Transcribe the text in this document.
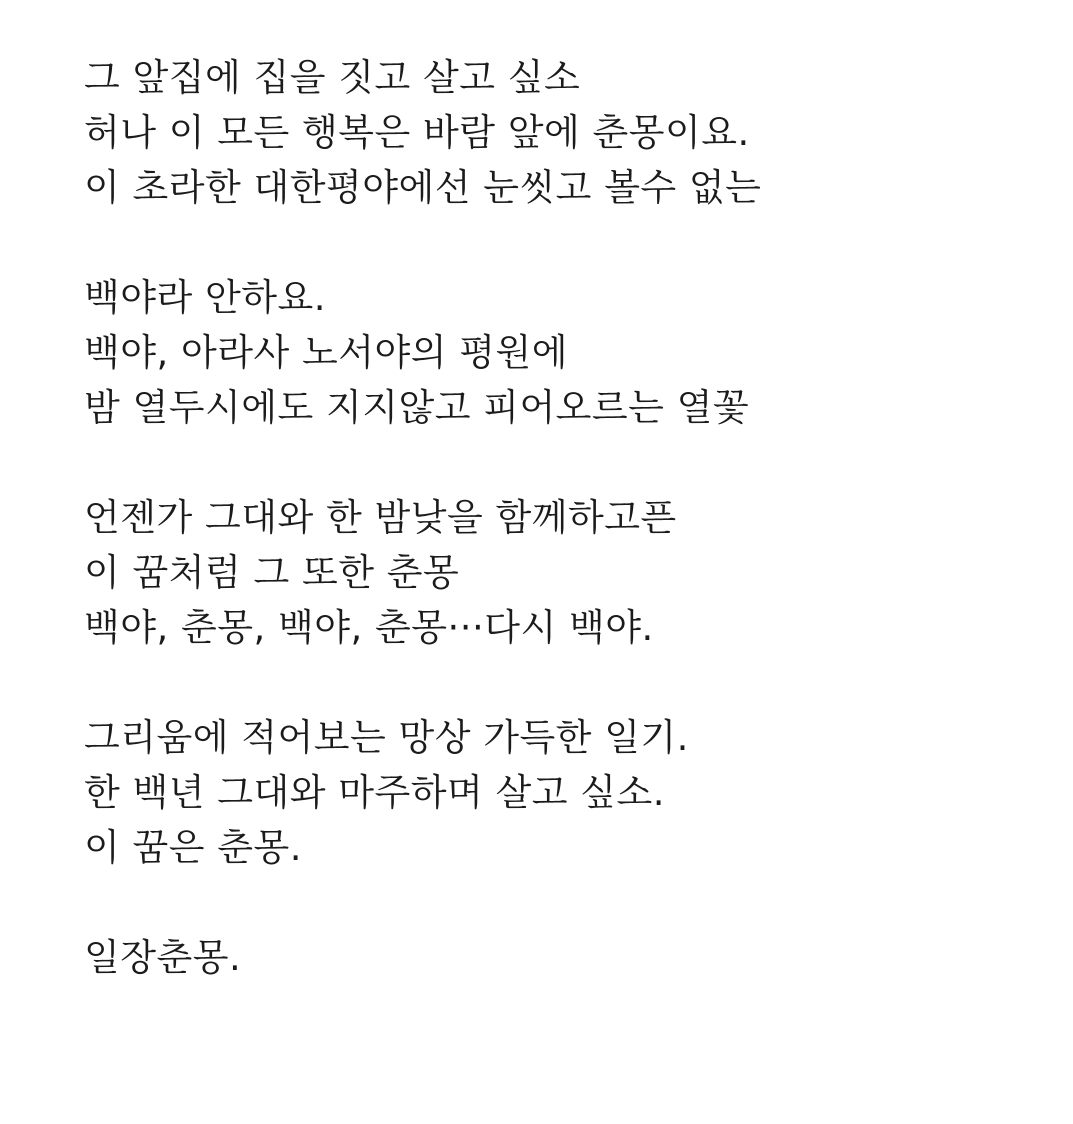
그 앞집에 집을 짓고 살고 싶소
허나 이 모든 행복은 바람 앞에 춘몽이요.
이 초라한 대한평야에선 눈씻고 볼수 없는
백야라 안하요.
백야, 아라사 노서야의 평원에
밤 열두시에도 지지않고 피어오르는 열꽃
언젠가 그대와 한 밤낮을 함께하고픈
이 꿈처럼 그 또한 춘몽
백야, 춘몽, 백야, 춘몽···다시 백야.
그리움에 적어보는 망상 가득한 일기.
한 백년 그대와 마주하며 살고 싶소.
이 꿈은 춘몽.
일장춘몽.
